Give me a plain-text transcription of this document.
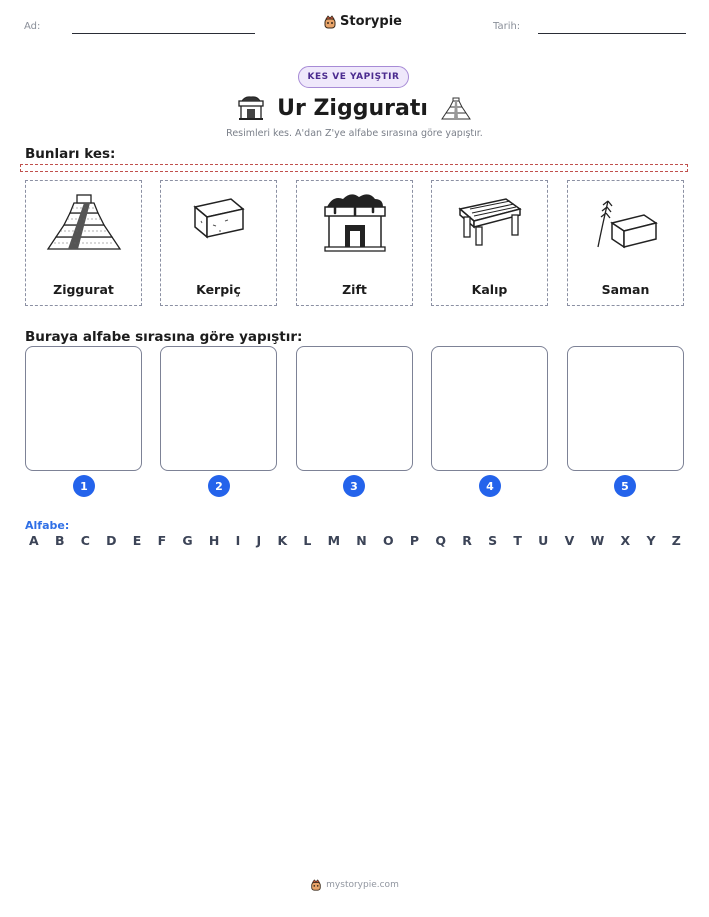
Ad:	Storypie	Tarih:
KES VE YAPIŞTIR
Ur Zigguratı
Resimleri kes. A'dan Z'ye alfabe sırasına göre yapıştır.
Bunları kes:
Ziggurat	Kerpiç	Zift	Kalıp	Saman
Buraya alfabe sırasına göre yapıştır:
1	2	3	4	5
Alfabe:
A B C D E F G H I J K L M N O P Q R S T U V W X Y Z
mystorypie.com
